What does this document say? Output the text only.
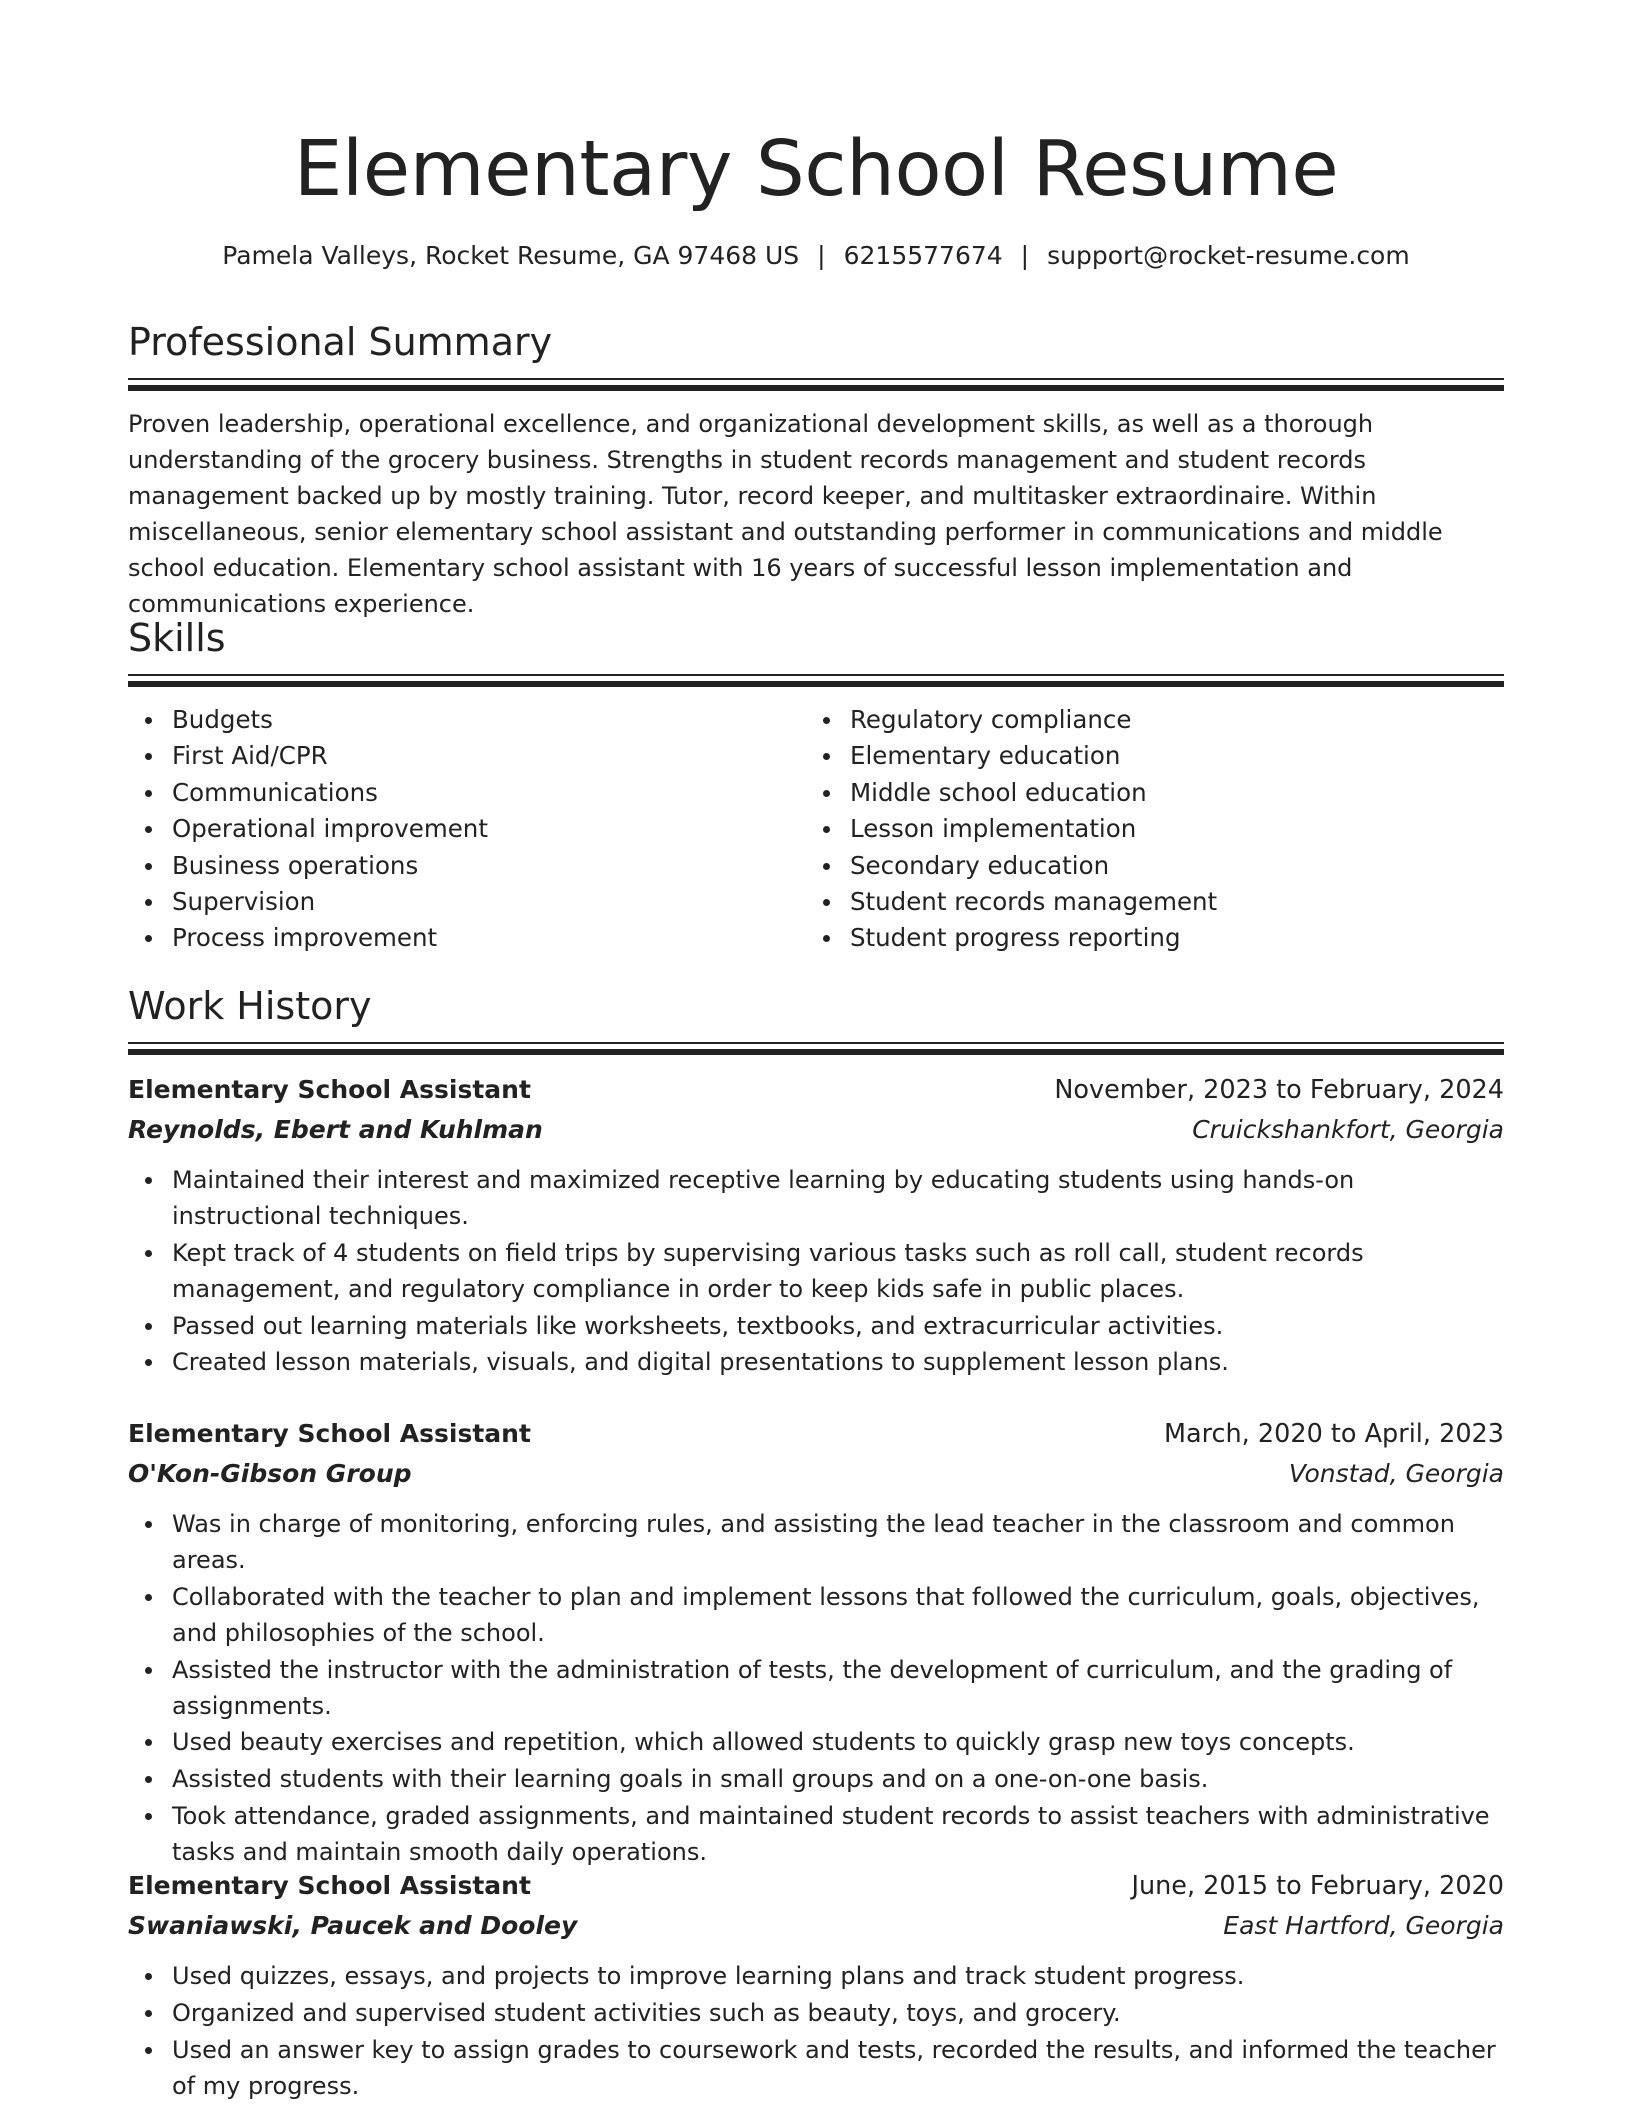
Elementary School Resume
Pamela Valleys, Rocket Resume, GA 97468 US | 6215577674 | support@rocket-resume.com
Professional Summary

Proven leadership, operational excellence, and organizational development skills, as well as a thorough understanding of the grocery business. Strengths in student records management and student records management backed up by mostly training. Tutor, record keeper, and multitasker extraordinaire. Within miscellaneous, senior elementary school assistant and outstanding performer in communications and middle school education. Elementary school assistant with 16 years of successful lesson implementation and communications experience.

Skills
Budgets
First Aid/CPR
Communications
Operational improvement
Business operations
Supervision
Process improvement
Regulatory compliance
Elementary education
Middle school education
Lesson implementation
Secondary education
Student records management
Student progress reporting
Work History
Elementary School Assistant	November, 2023 to February, 2024
Reynolds, Ebert and Kuhlman	Cruickshankfort, Georgia
Maintained their interest and maximized receptive learning by educating students using hands-on instructional techniques.
Kept track of 4 students on field trips by supervising various tasks such as roll call, student records management, and regulatory compliance in order to keep kids safe in public places.
Passed out learning materials like worksheets, textbooks, and extracurricular activities.
Created lesson materials, visuals, and digital presentations to supplement lesson plans.
Elementary School Assistant	March, 2020 to April, 2023
O'Kon-Gibson Group	Vonstad, Georgia
Was in charge of monitoring, enforcing rules, and assisting the lead teacher in the classroom and common areas.
Collaborated with the teacher to plan and implement lessons that followed the curriculum, goals, objectives, and philosophies of the school.
Assisted the instructor with the administration of tests, the development of curriculum, and the grading of assignments.
Used beauty exercises and repetition, which allowed students to quickly grasp new toys concepts.
Assisted students with their learning goals in small groups and on a one-on-one basis.
Took attendance, graded assignments, and maintained student records to assist teachers with administrative tasks and maintain smooth daily operations.
Elementary School Assistant	June, 2015 to February, 2020
Swaniawski, Paucek and Dooley	East Hartford, Georgia
Used quizzes, essays, and projects to improve learning plans and track student progress.
Organized and supervised student activities such as beauty, toys, and grocery.
Used an answer key to assign grades to coursework and tests, recorded the results, and informed the teacher of my progress.
